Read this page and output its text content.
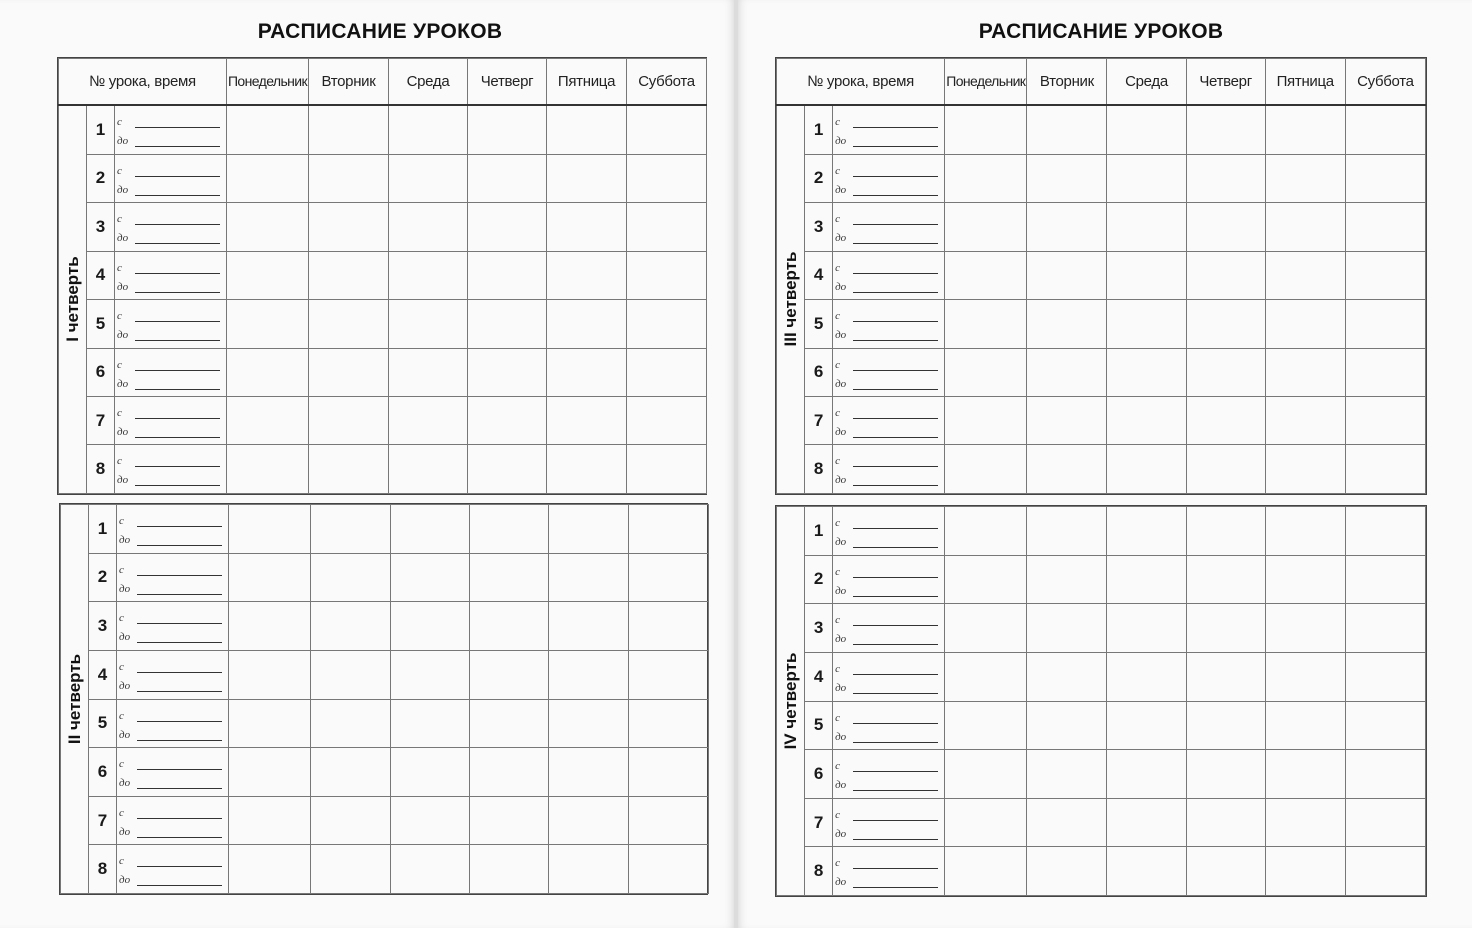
РАСПИСАНИЕ УРОКОВ
№ урока, время			Понедельник	Вторник	Среда	Четверг	Пятница	Суббота

I четверть	1	с
до						

	2	с
до						

	3	с
до						

	4	с
до						

	5	с
до						

	6	с
до						

	7	с
до						

	8	с
до						

II четверть	1	с
до						

	2	с
до						

	3	с
до						

	4	с
до						

	5	с
до						

	6	с
до						

	7	с
до						

	8	с
до						

РАСПИСАНИЕ УРОКОВ
№ урока, время			Понедельник	Вторник	Среда	Четверг	Пятница	Суббота

III четверть	1	с
до						

	2	с
до						

	3	с
до						

	4	с
до						

	5	с
до						

	6	с
до						

	7	с
до						

	8	с
до						

IV четверть	1	с
до						

	2	с
до						

	3	с
до						

	4	с
до						

	5	с
до						

	6	с
до						

	7	с
до						

	8	с
до						
